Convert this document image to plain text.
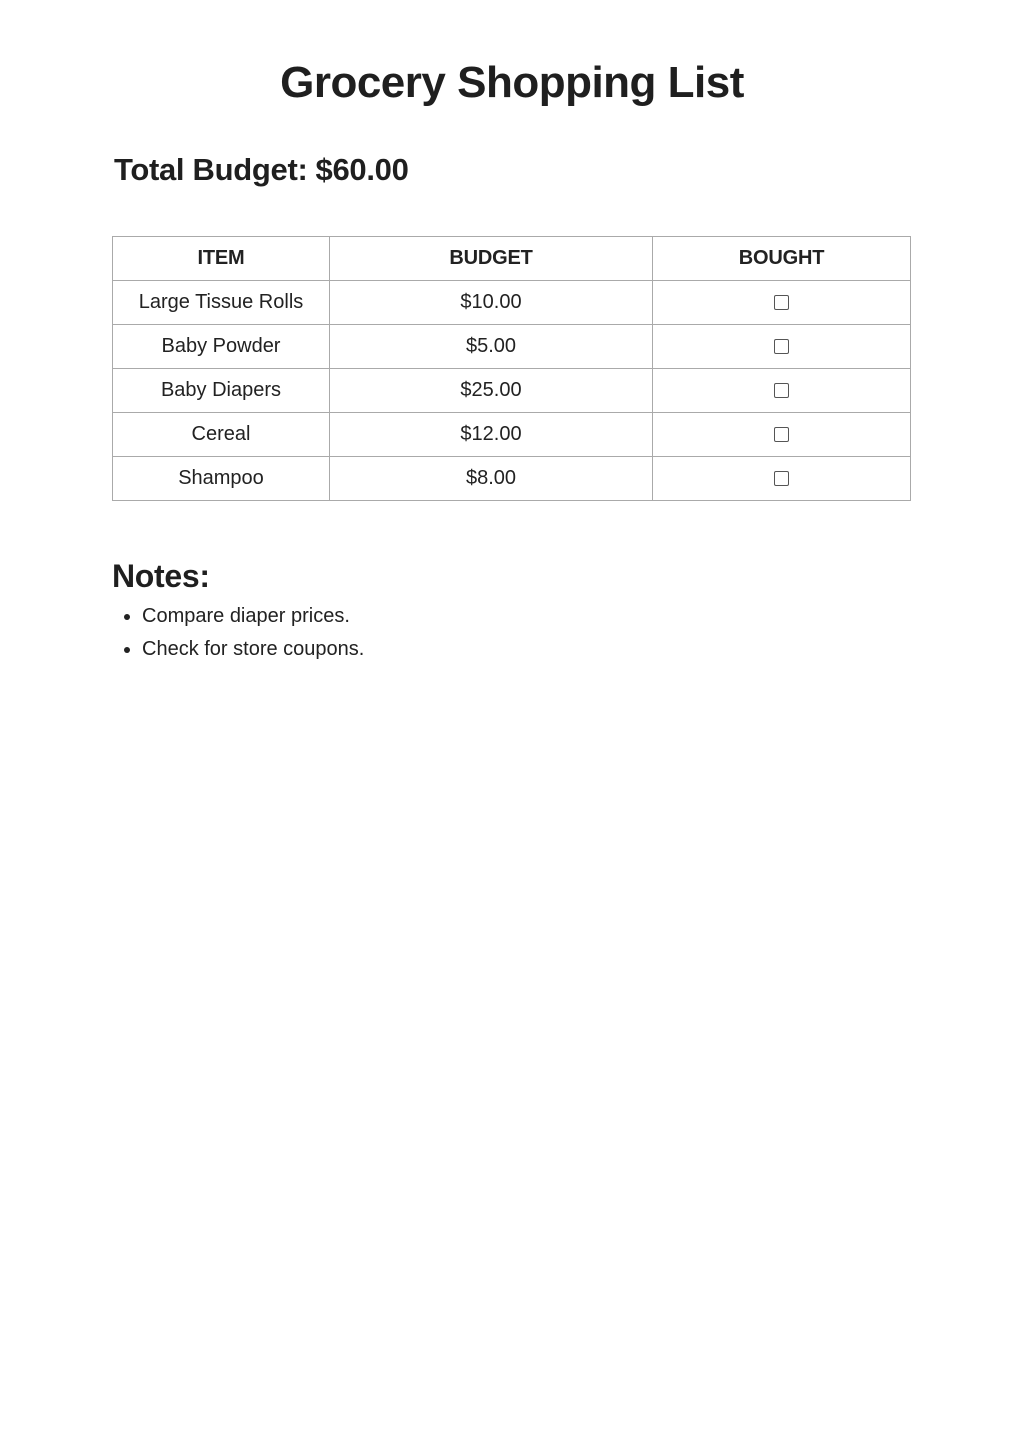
Grocery Shopping List
Total Budget: $60.00
ITEM	BUDGET	BOUGHT
Large Tissue Rolls	$10.00	
Baby Powder	$5.00	
Baby Diapers	$25.00	
Cereal	$12.00	
Shampoo	$8.00	
Notes:
• Compare diaper prices.
• Check for store coupons.
